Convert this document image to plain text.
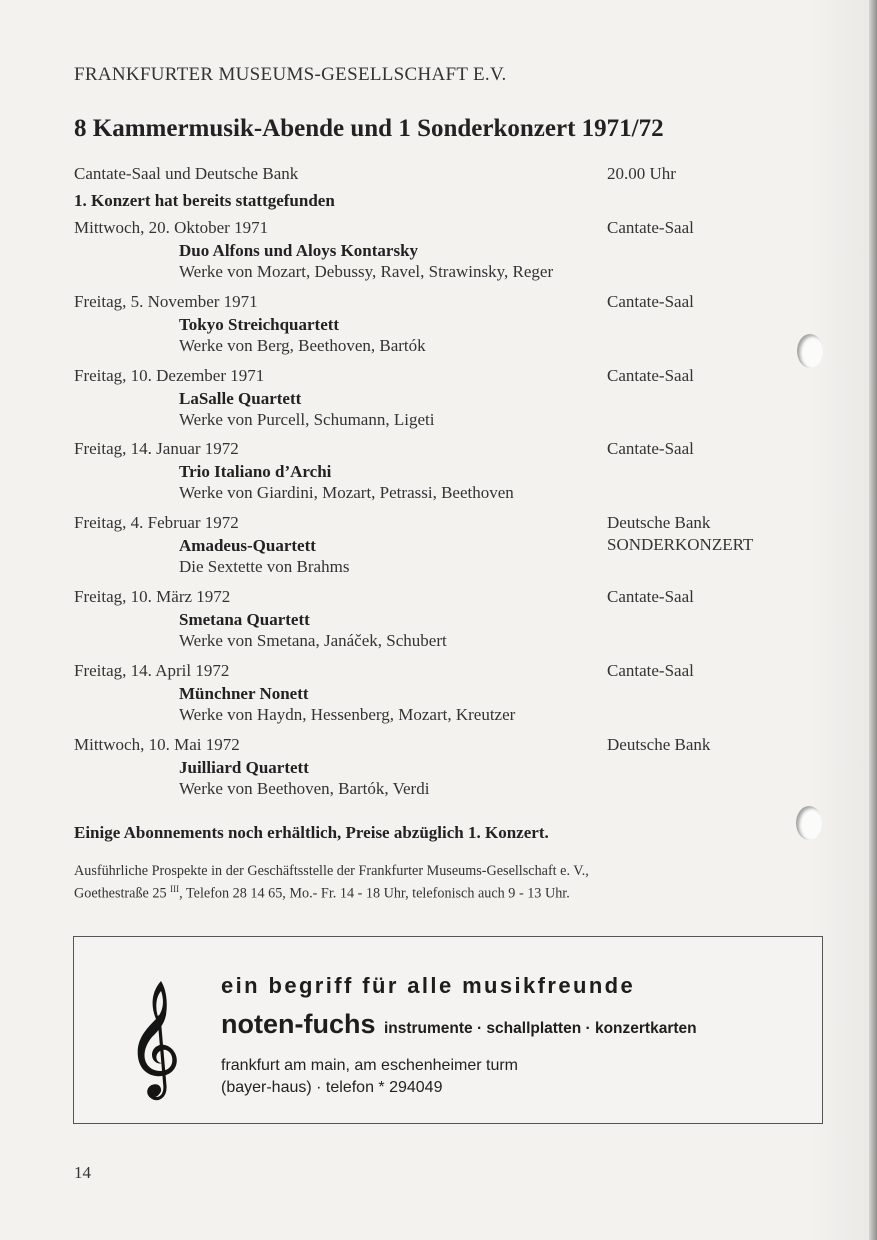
FRANKFURTER MUSEUMS-GESELLSCHAFT E.V.
8 Kammermusik-Abende und 1 Sonderkonzert 1971/72
Cantate-Saal und Deutsche Bank	20.00 Uhr
1. Konzert hat bereits stattgefunden
Mittwoch, 20. Oktober 1971	Cantate-Saal
Duo Alfons und Aloys Kontarsky
Werke von Mozart, Debussy, Ravel, Strawinsky, Reger
Freitag, 5. November 1971	Cantate-Saal
Tokyo Streichquartett
Werke von Berg, Beethoven, Bartók
Freitag, 10. Dezember 1971	Cantate-Saal
LaSalle Quartett
Werke von Purcell, Schumann, Ligeti
Freitag, 14. Januar 1972	Cantate-Saal
Trio Italiano d’Archi
Werke von Giardini, Mozart, Petrassi, Beethoven
Freitag, 4. Februar 1972	Deutsche Bank
SONDERKONZERT
Amadeus-Quartett
Die Sextette von Brahms
Freitag, 10. März 1972	Cantate-Saal
Smetana Quartett
Werke von Smetana, Janáček, Schubert
Freitag, 14. April 1972	Cantate-Saal
Münchner Nonett
Werke von Haydn, Hessenberg, Mozart, Kreutzer
Mittwoch, 10. Mai 1972	Deutsche Bank
Juilliard Quartett
Werke von Beethoven, Bartók, Verdi
Einige Abonnements noch erhältlich, Preise abzüglich 1. Konzert.
Ausführliche Prospekte in der Geschäftsstelle der Frankfurter Museums-Gesellschaft e. V.,
Goethestraße 25 $^{III}$, Telefon 28 14 65, Mo.- Fr. 14 - 18 Uhr, telefonisch auch 9 - 13 Uhr.
ein begriff für alle musikfreunde
noten-fuchs instrumente · schallplatten · konzertkarten
frankfurt am main, am eschenheimer turm
(bayer-haus) · telefon * 294049
14
